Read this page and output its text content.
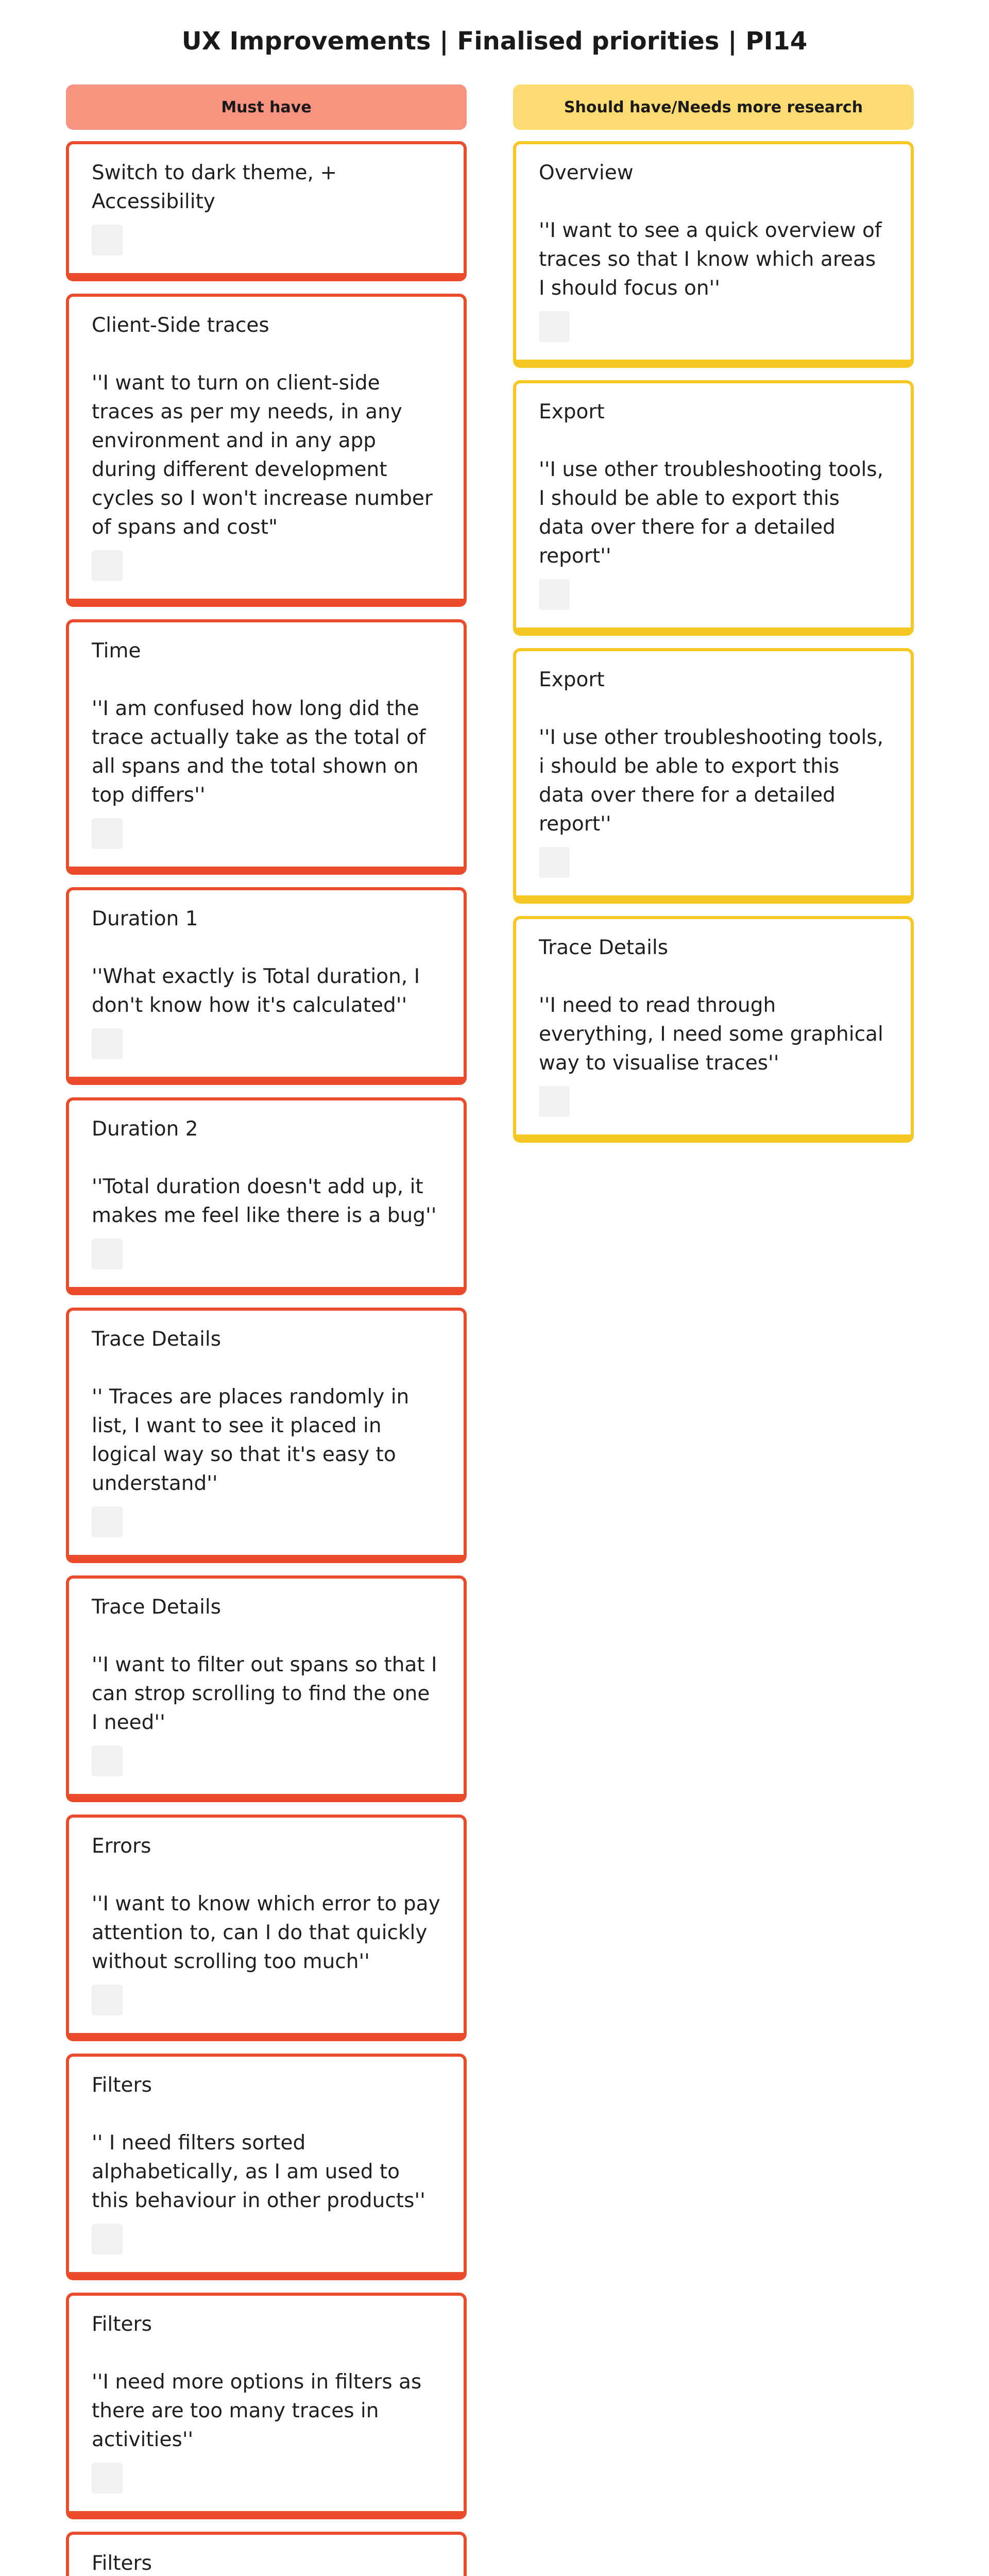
UX Improvements | Finalised priorities | PI14
Must have
Switch to dark theme, + Accessibility
Client-Side traces
''I want to turn on client-side traces as per my needs, in any environment and in any app during different development cycles so I won't increase number of spans and cost"
Time
''I am confused how long did the trace actually take as the total of all spans and the total shown on top differs''
Duration 1
''What exactly is Total duration, I don't know how it's calculated''
Duration 2
''Total duration doesn't add up, it makes me feel like there is a bug''
Trace Details
'' Traces are places randomly in list, I want to see it placed in logical way so that it's easy to understand''
Trace Details
''I want to filter out spans so that I can strop scrolling to find the one I need''
Errors
''I want to know which error to pay attention to, can I do that quickly without scrolling too much''
Filters
'' I need filters sorted alphabetically, as I am used to this behaviour in other products''
Filters
''I need more options in filters as there are too many traces in activities''
Filters
Should have/Needs more research
Overview
''I want to see a quick overview of traces so that I know which areas I should focus on''
Export
''I use other troubleshooting tools, I should be able to export this data over there for a detailed report''
Export
''I use other troubleshooting tools, i should be able to export this data over there for a detailed report''
Trace Details
''I need to read through everything, I need some graphical way to visualise traces''
